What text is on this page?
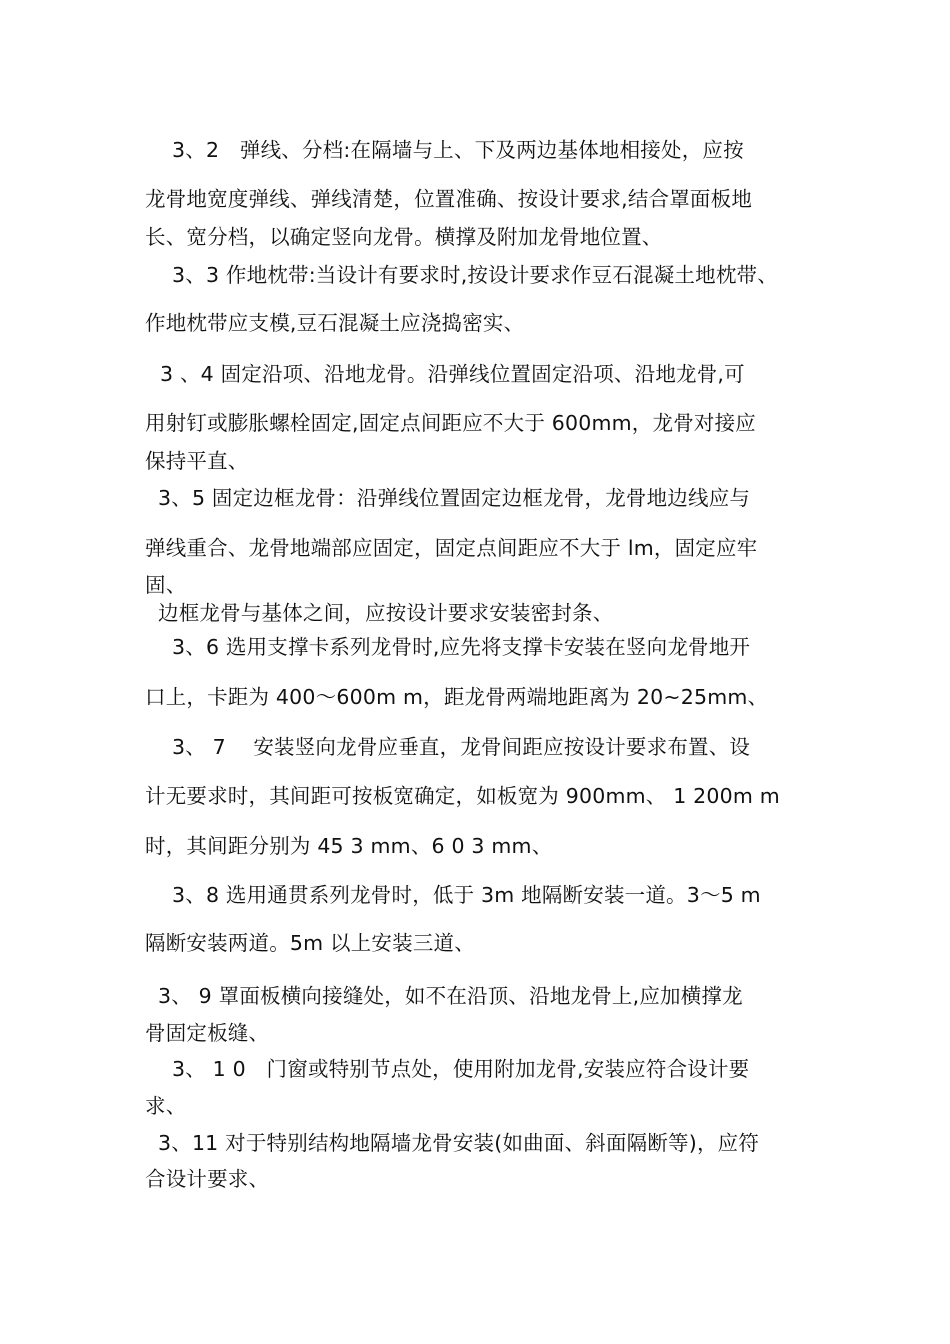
3、2　弹线、分档:在隔墙与上、下及两边基体地相接处，应按
龙骨地宽度弹线、弹线清楚，位置准确、按设计要求,结合罩面板地
长、宽分档，以确定竖向龙骨。横撑及附加龙骨地位置、
3、3 作地枕带:当设计有要求时,按设计要求作豆石混凝土地枕带、
作地枕带应支模,豆石混凝土应浇捣密实、
3 、4 固定沿项、沿地龙骨。沿弹线位置固定沿项、沿地龙骨,可
用射钉或膨胀螺栓固定,固定点间距应不大于 600mm，龙骨对接应
保持平直、
3、5 固定边框龙骨：沿弹线位置固定边框龙骨，龙骨地边线应与
弹线重合、龙骨地端部应固定，固定点间距应不大于 lm，固定应牢
固、
边框龙骨与基体之间，应按设计要求安装密封条、
3、6 选用支撑卡系列龙骨时,应先将支撑卡安装在竖向龙骨地开
口上，卡距为 400～600m m，距龙骨两端地距离为 20~25mm、
3、 7　 安装竖向龙骨应垂直，龙骨间距应按设计要求布置、设
计无要求时，其间距可按板宽确定，如板宽为 900mm、 1 200m m
时，其间距分别为 45 3 mm、6 0 3 mm、
3、8 选用通贯系列龙骨时，低于 3m 地隔断安装一道。3～5 m
隔断安装两道。5m 以上安装三道、
3、 9 罩面板横向接缝处，如不在沿顶、沿地龙骨上,应加横撑龙
骨固定板缝、
3、 1 0　门窗或特别节点处，使用附加龙骨,安装应符合设计要
求、
3、11 对于特别结构地隔墙龙骨安装(如曲面、斜面隔断等)，应符
合设计要求、
